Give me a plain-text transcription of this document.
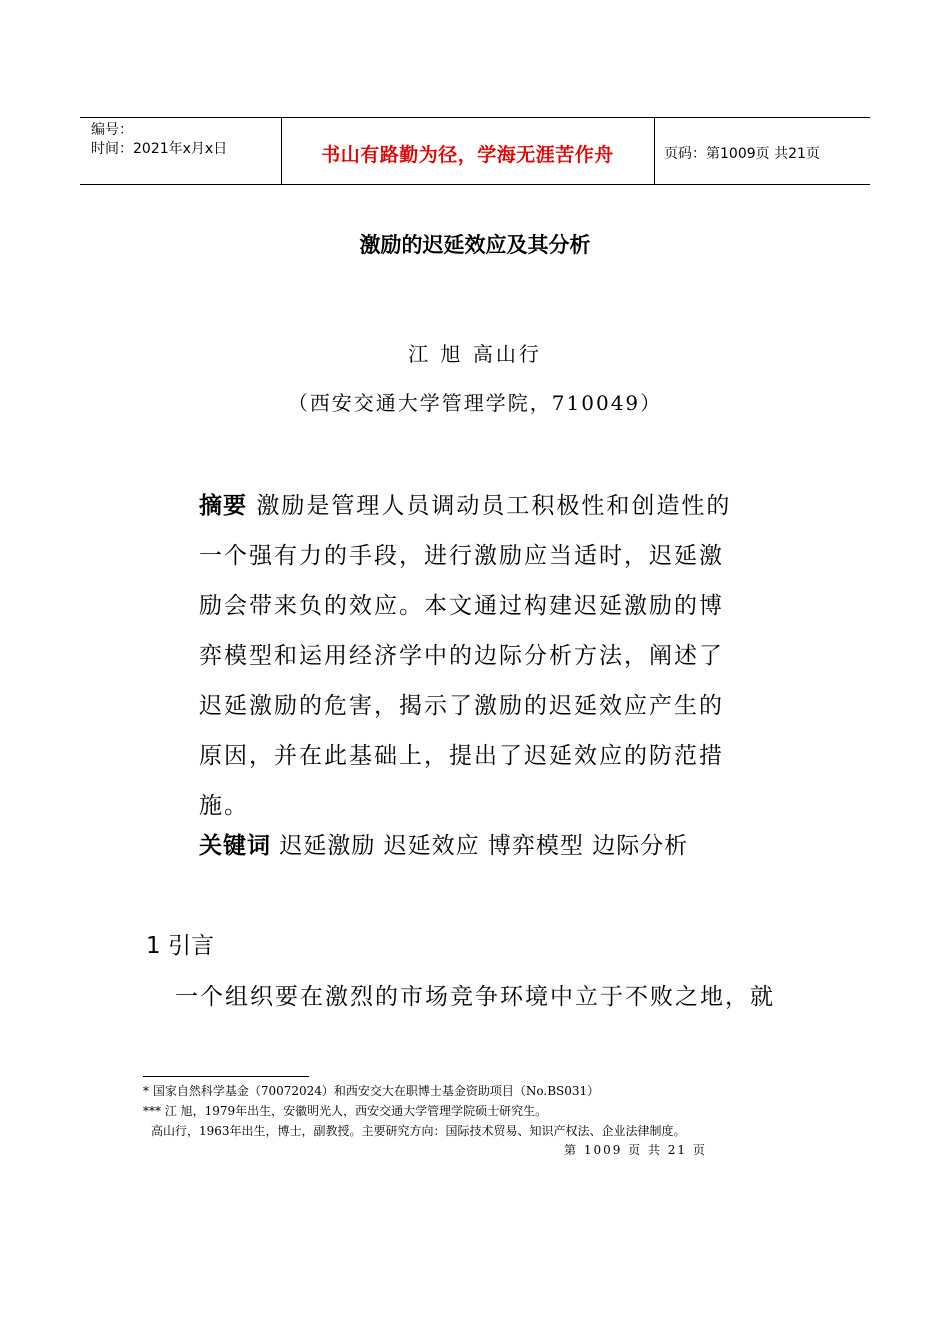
编号：
时间：2021年x月x日	书山有路勤为径，学海无涯苦作舟	页码：第1009页 共21页
激励的迟延效应及其分析
江 旭 高山行
（西安交通大学管理学院，710049）
摘要 激励是管理人员调动员工积极性和创造性的
一个强有力的手段，进行激励应当适时，迟延激
励会带来负的效应。本文通过构建迟延激励的博
弈模型和运用经济学中的边际分析方法，阐述了
迟延激励的危害，揭示了激励的迟延效应产生的
原因，并在此基础上，提出了迟延效应的防范措
施。
关键词 迟延激励 迟延效应 博弈模型 边际分析
1 引言
一个组织要在激烈的市场竞争环境中立于不败之地，就
* 国家自然科学基金（70072024）和西安交大在职博士基金资助项目（No.BS031）
*** 江 旭，1979年出生，安徽明光人，西安交通大学管理学院硕士研究生。
高山行，1963年出生，博士，副教授。主要研究方向：国际技术贸易、知识产权法、企业法律制度。
第 1009 页 共 21 页
